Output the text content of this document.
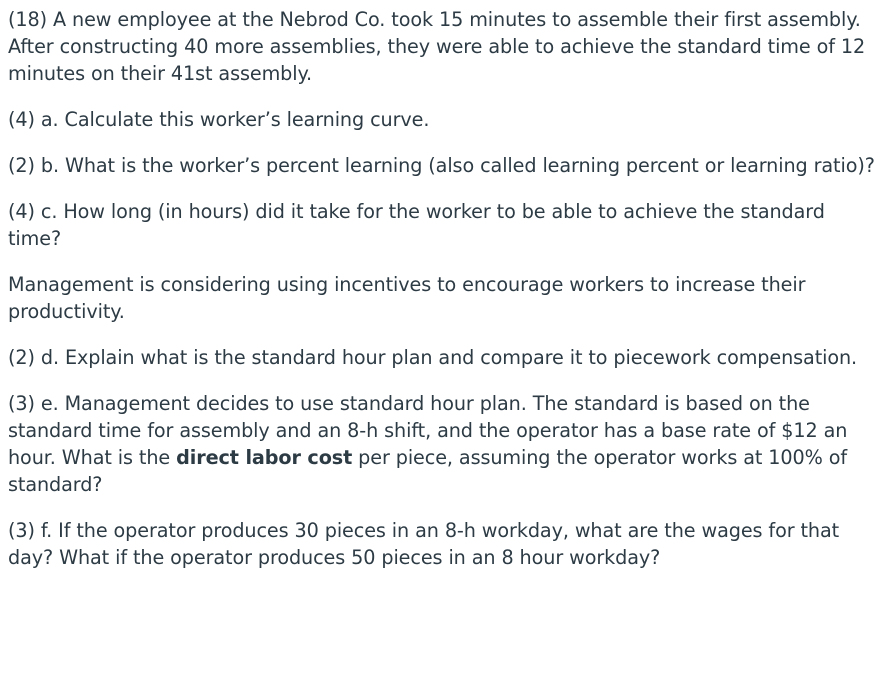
(18) A new employee at the Nebrod Co. took 15 minutes to assemble their first assembly. After constructing 40 more assemblies, they were able to achieve the standard time of 12 minutes on their 41st assembly.

(4) a. Calculate this worker’s learning curve.

(2) b. What is the worker’s percent learning (also called learning percent or learning ratio)?

(4) c. How long (in hours) did it take for the worker to be able to achieve the standard time?

Management is considering using incentives to encourage workers to increase their productivity.

(2) d. Explain what is the standard hour plan and compare it to piecework compensation.

(3) e. Management decides to use standard hour plan. The standard is based on the standard time for assembly and an 8-h shift, and the operator has a base rate of $12 an hour. What is the direct labor cost per piece, assuming the operator works at 100% of standard?

(3) f. If the operator produces 30 pieces in an 8-h workday, what are the wages for that day? What if the operator produces 50 pieces in an 8 hour workday?
